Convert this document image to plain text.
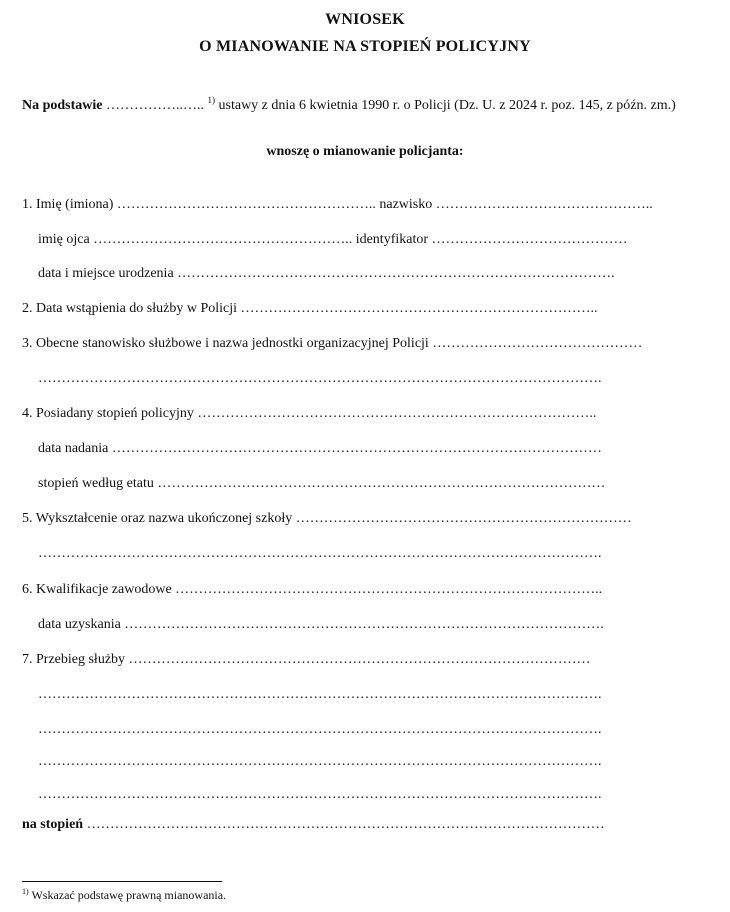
WNIOSEK
O MIANOWANIE NA STOPIEŃ POLICYJNY
Na podstawie ……………..….. $^{1)}$ ustawy z dnia 6 kwietnia 1990 r. o Policji (Dz. U. z 2024 r. poz. 145, z późn. zm.)
wnoszę o mianowanie policjanta:
1. Imię (imiona) ……………………………………………….. nazwisko ………………………………………..
imię ojca ……………………………………………….. identyfikator ……………………………………
data i miejsce urodzenia ………………………………………………………………………………….
2. Data wstąpienia do służby w Policji …………………………………………………………………..
3. Obecne stanowisko służbowe i nazwa jednostki organizacyjnej Policji ………………………………………
………………………………………………………………………………………………………….
4. Posiadany stopień policyjny …………………………………………………………………………..
data nadania ……………………………………………………………………………………………
stopień według etatu ……………………………………………………………………………………
5. Wykształcenie oraz nazwa ukończonej szkoły ………………………………………………………………
………………………………………………………………………………………………………….
6. Kwalifikacje zawodowe ………………………………………………………………………………..
data uzyskania ………………………………………………………………………………………….
7. Przebieg służby ………………………………………………………………………………………
………………………………………………………………………………………………………….
………………………………………………………………………………………………………….
………………………………………………………………………………………………………….
………………………………………………………………………………………………………….
na stopień …………………………………………………………………………………………………
$^{1)}$ Wskazać podstawę prawną mianowania.
